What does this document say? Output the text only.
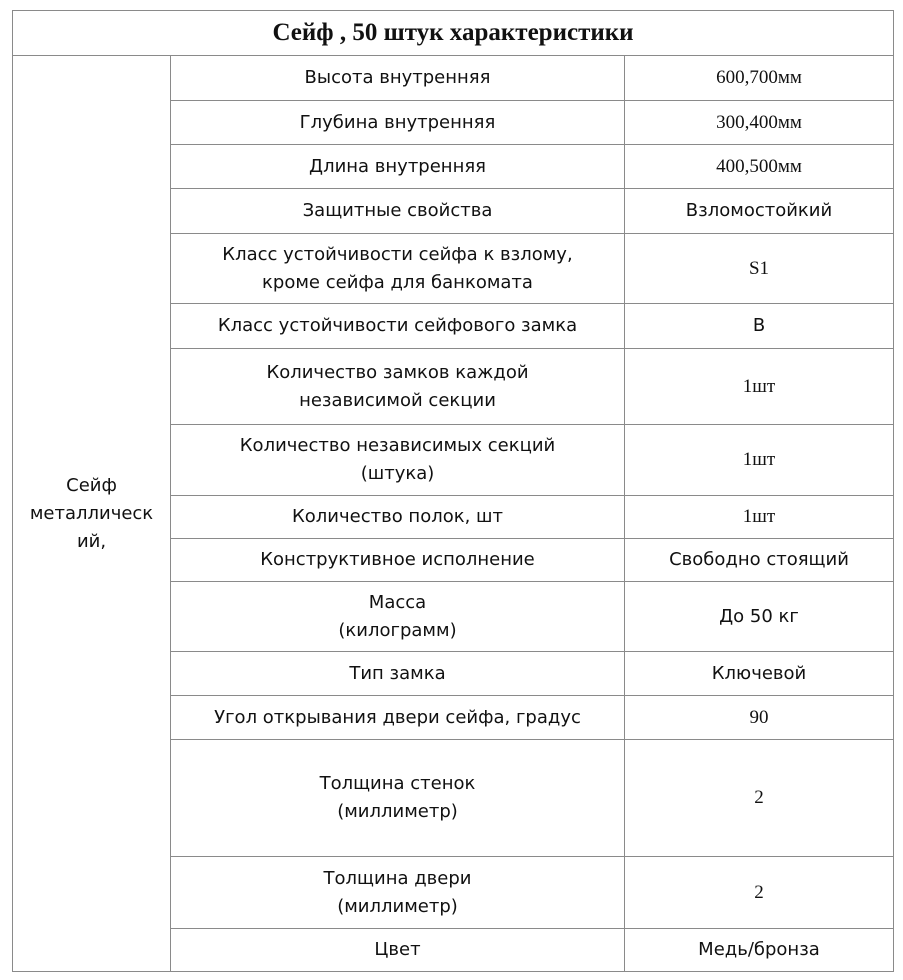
Сейф , 50 штук характеристики		
Сейф
металлическ
ий,	Высота внутренняя	600,700мм
	Глубина внутренняя	300,400мм
	Длина внутренняя	400,500мм
	Защитные свойства	Взломостойкий
	Класс устойчивости сейфа к взлому,
кроме сейфа для банкомата	S1
	Класс устойчивости сейфового замка	B
	Количество замков каждой
независимой секции	1шт
	Количество независимых секций
(штука)	1шт
	Количество полок, шт	1шт
	Конструктивное исполнение	Свободно стоящий
	Масса
(килограмм)	До 50 кг
	Тип замка	Ключевой
	Угол открывания двери сейфа, градус	90
	Толщина стенок
(миллиметр)	2
	Толщина двери
(миллиметр)	2
	Цвет	Медь/бронза
